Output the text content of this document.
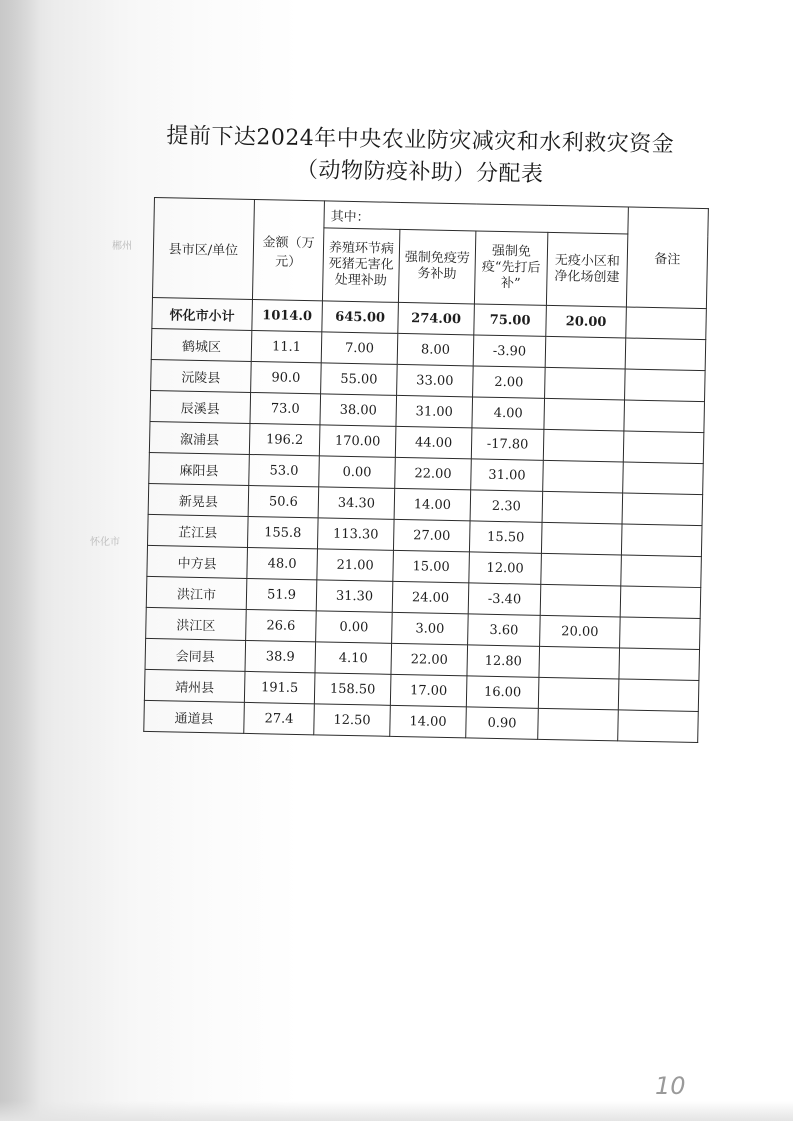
郴州
怀化市
提前下达2024年中央农业防灾减灾和水利救灾资金
（动物防疫补助）分配表
县市区/单位	金额（万元）	其中：				备注
		养殖环节病死猪无害化处理补助	强制免疫劳务补助	强制免疫“先打后补”	无疫小区和净化场创建	
怀化市小计	1014.0	645.00	274.00	75.00	20.00	
鹤城区	11.1	7.00	8.00	-3.90		
沅陵县	90.0	55.00	33.00	2.00		
辰溪县	73.0	38.00	31.00	4.00		
溆浦县	196.2	170.00	44.00	-17.80		
麻阳县	53.0	0.00	22.00	31.00		
新晃县	50.6	34.30	14.00	2.30		
芷江县	155.8	113.30	27.00	15.50		
中方县	48.0	21.00	15.00	12.00		
洪江市	51.9	31.30	24.00	-3.40		
洪江区	26.6	0.00	3.00	3.60	20.00	
会同县	38.9	4.10	22.00	12.80		
靖州县	191.5	158.50	17.00	16.00		
通道县	27.4	12.50	14.00	0.90		
10
